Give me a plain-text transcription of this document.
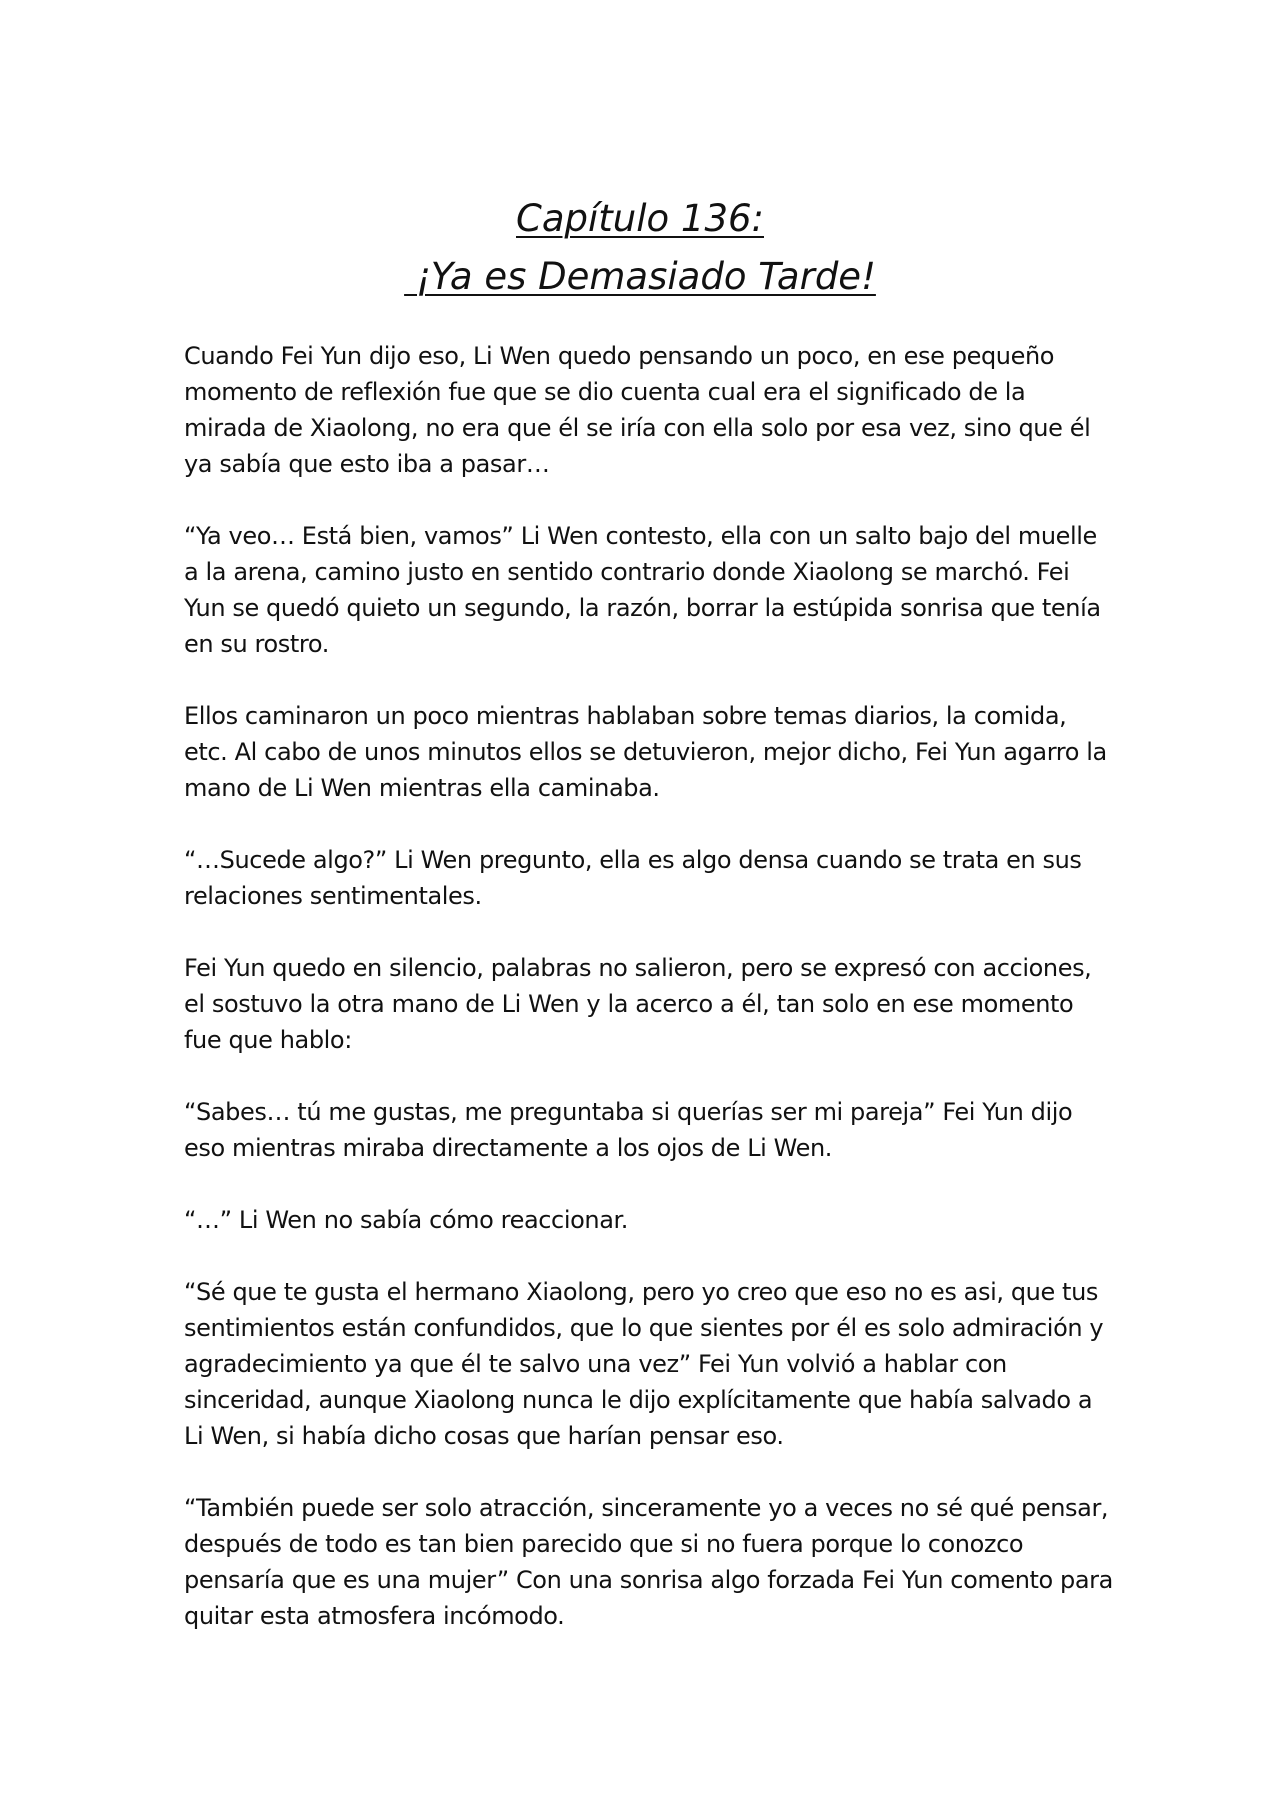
Capítulo 136:
¡Ya es Demasiado Tarde!

Cuando Fei Yun dijo eso, Li Wen quedo pensando un poco, en ese pequeño momento de reflexión fue que se dio cuenta cual era el significado de la mirada de Xiaolong, no era que él se iría con ella solo por esa vez, sino que él ya sabía que esto iba a pasar…

“Ya veo… Está bien, vamos” Li Wen contesto, ella con un salto bajo del muelle a la arena, camino justo en sentido contrario donde Xiaolong se marchó. Fei Yun se quedó quieto un segundo, la razón, borrar la estúpida sonrisa que tenía en su rostro.

Ellos caminaron un poco mientras hablaban sobre temas diarios, la comida, etc. Al cabo de unos minutos ellos se detuvieron, mejor dicho, Fei Yun agarro la mano de Li Wen mientras ella caminaba.

“…Sucede algo?” Li Wen pregunto, ella es algo densa cuando se trata en sus relaciones sentimentales.

Fei Yun quedo en silencio, palabras no salieron, pero se expresó con acciones, el sostuvo la otra mano de Li Wen y la acerco a él, tan solo en ese momento fue que hablo:

“Sabes… tú me gustas, me preguntaba si querías ser mi pareja” Fei Yun dijo eso mientras miraba directamente a los ojos de Li Wen.

“…” Li Wen no sabía cómo reaccionar.

“Sé que te gusta el hermano Xiaolong, pero yo creo que eso no es asi, que tus sentimientos están confundidos, que lo que sientes por él es solo admiración y agradecimiento ya que él te salvo una vez” Fei Yun volvió a hablar con sinceridad, aunque Xiaolong nunca le dijo explícitamente que había salvado a Li Wen, si había dicho cosas que harían pensar eso.

“También puede ser solo atracción, sinceramente yo a veces no sé qué pensar, después de todo es tan bien parecido que si no fuera porque lo conozco pensaría que es una mujer” Con una sonrisa algo forzada Fei Yun comento para quitar esta atmosfera incómodo.
